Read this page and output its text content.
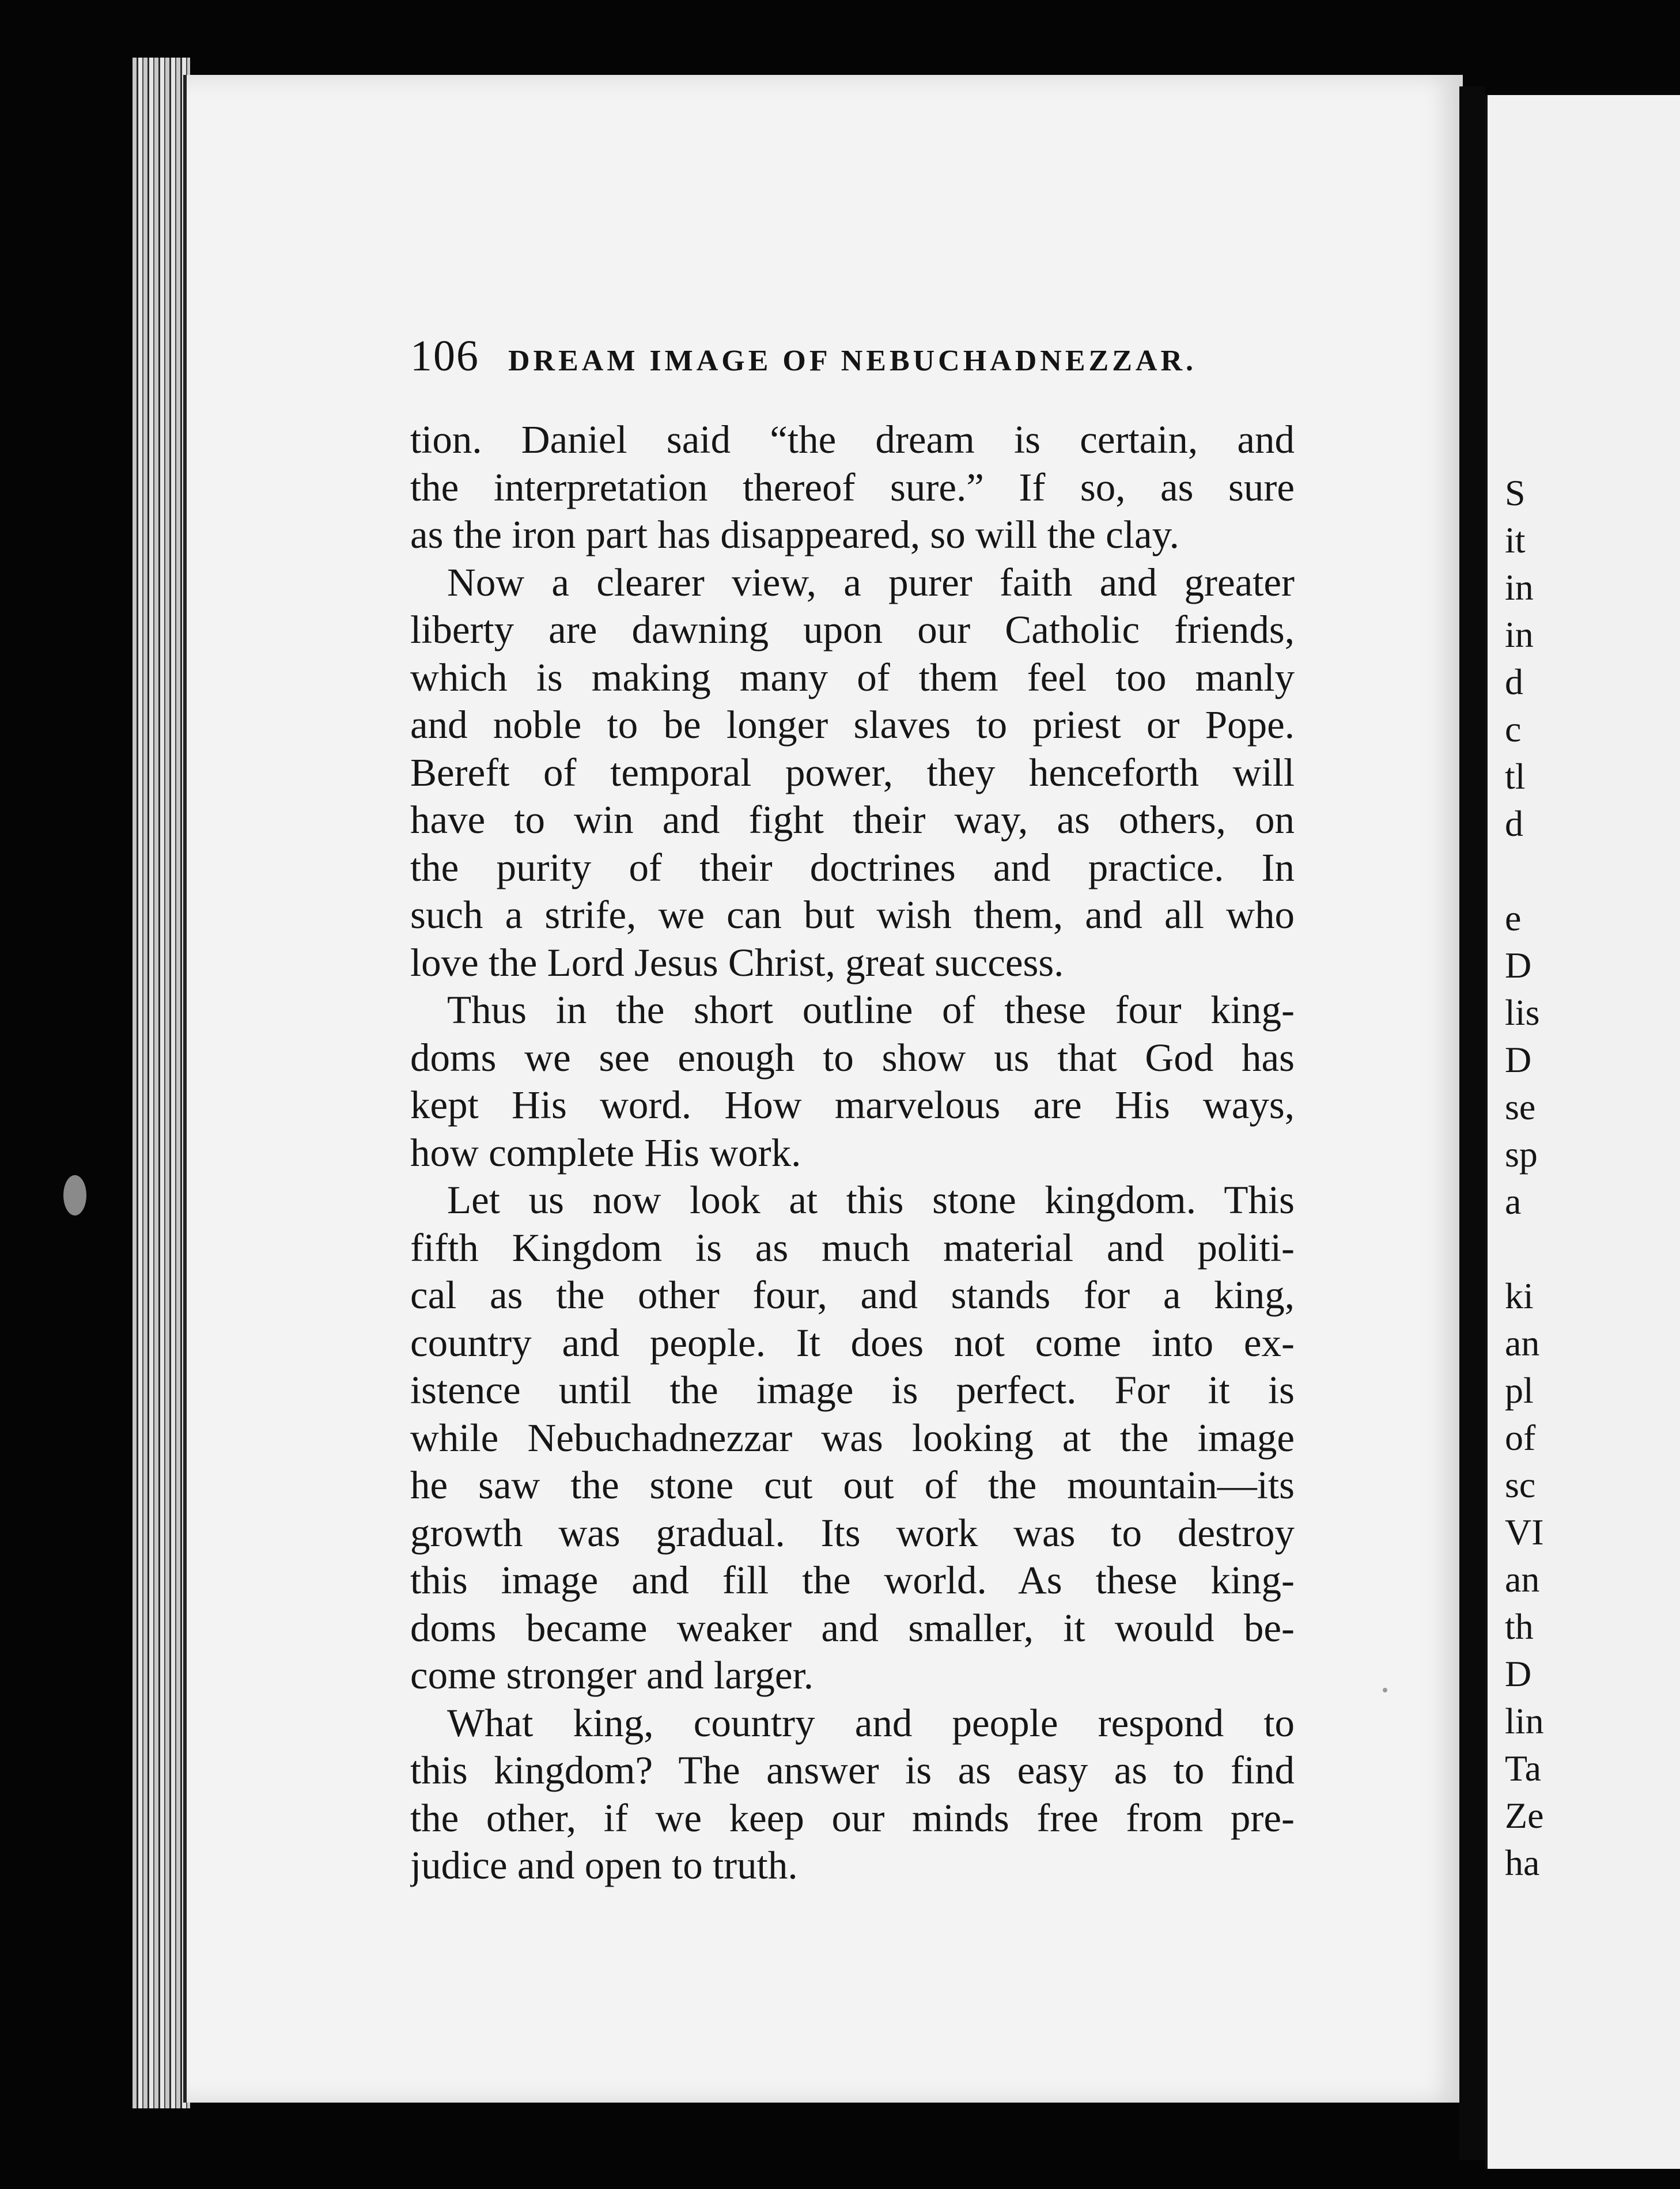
106 DREAM IMAGE OF NEBUCHADNEZZAR.
tion. Daniel said “the dream is certain, and
the interpretation thereof sure.” If so, as sure
as the iron part has disappeared, so will the clay.
Now a clearer view, a purer faith and greater
liberty are dawning upon our Catholic friends,
which is making many of them feel too manly
and noble to be longer slaves to priest or Pope.
Bereft of temporal power, they henceforth will
have to win and fight their way, as others, on
the purity of their doctrines and practice. In
such a strife, we can but wish them, and all who
love the Lord Jesus Christ, great success.
Thus in the short outline of these four king-
doms we see enough to show us that God has
kept His word. How marvelous are His ways,
how complete His work.
Let us now look at this stone kingdom. This
fifth Kingdom is as much material and politi-
cal as the other four, and stands for a king,
country and people. It does not come into ex-
istence until the image is perfect. For it is
while Nebuchadnezzar was looking at the image
he saw the stone cut out of the mountain—its
growth was gradual. Its work was to destroy
this image and fill the world. As these king-
doms became weaker and smaller, it would be-
come stronger and larger.
What king, country and people respond to
this kingdom? The answer is as easy as to find
the other, if we keep our minds free from pre-
judice and open to truth.
S
it
in
in
d
c
tl
d
e
D
lis
D
se
sp
a
ki
an
pl
of
sc
VI
an
th
D
lin
Ta
Ze
ha
